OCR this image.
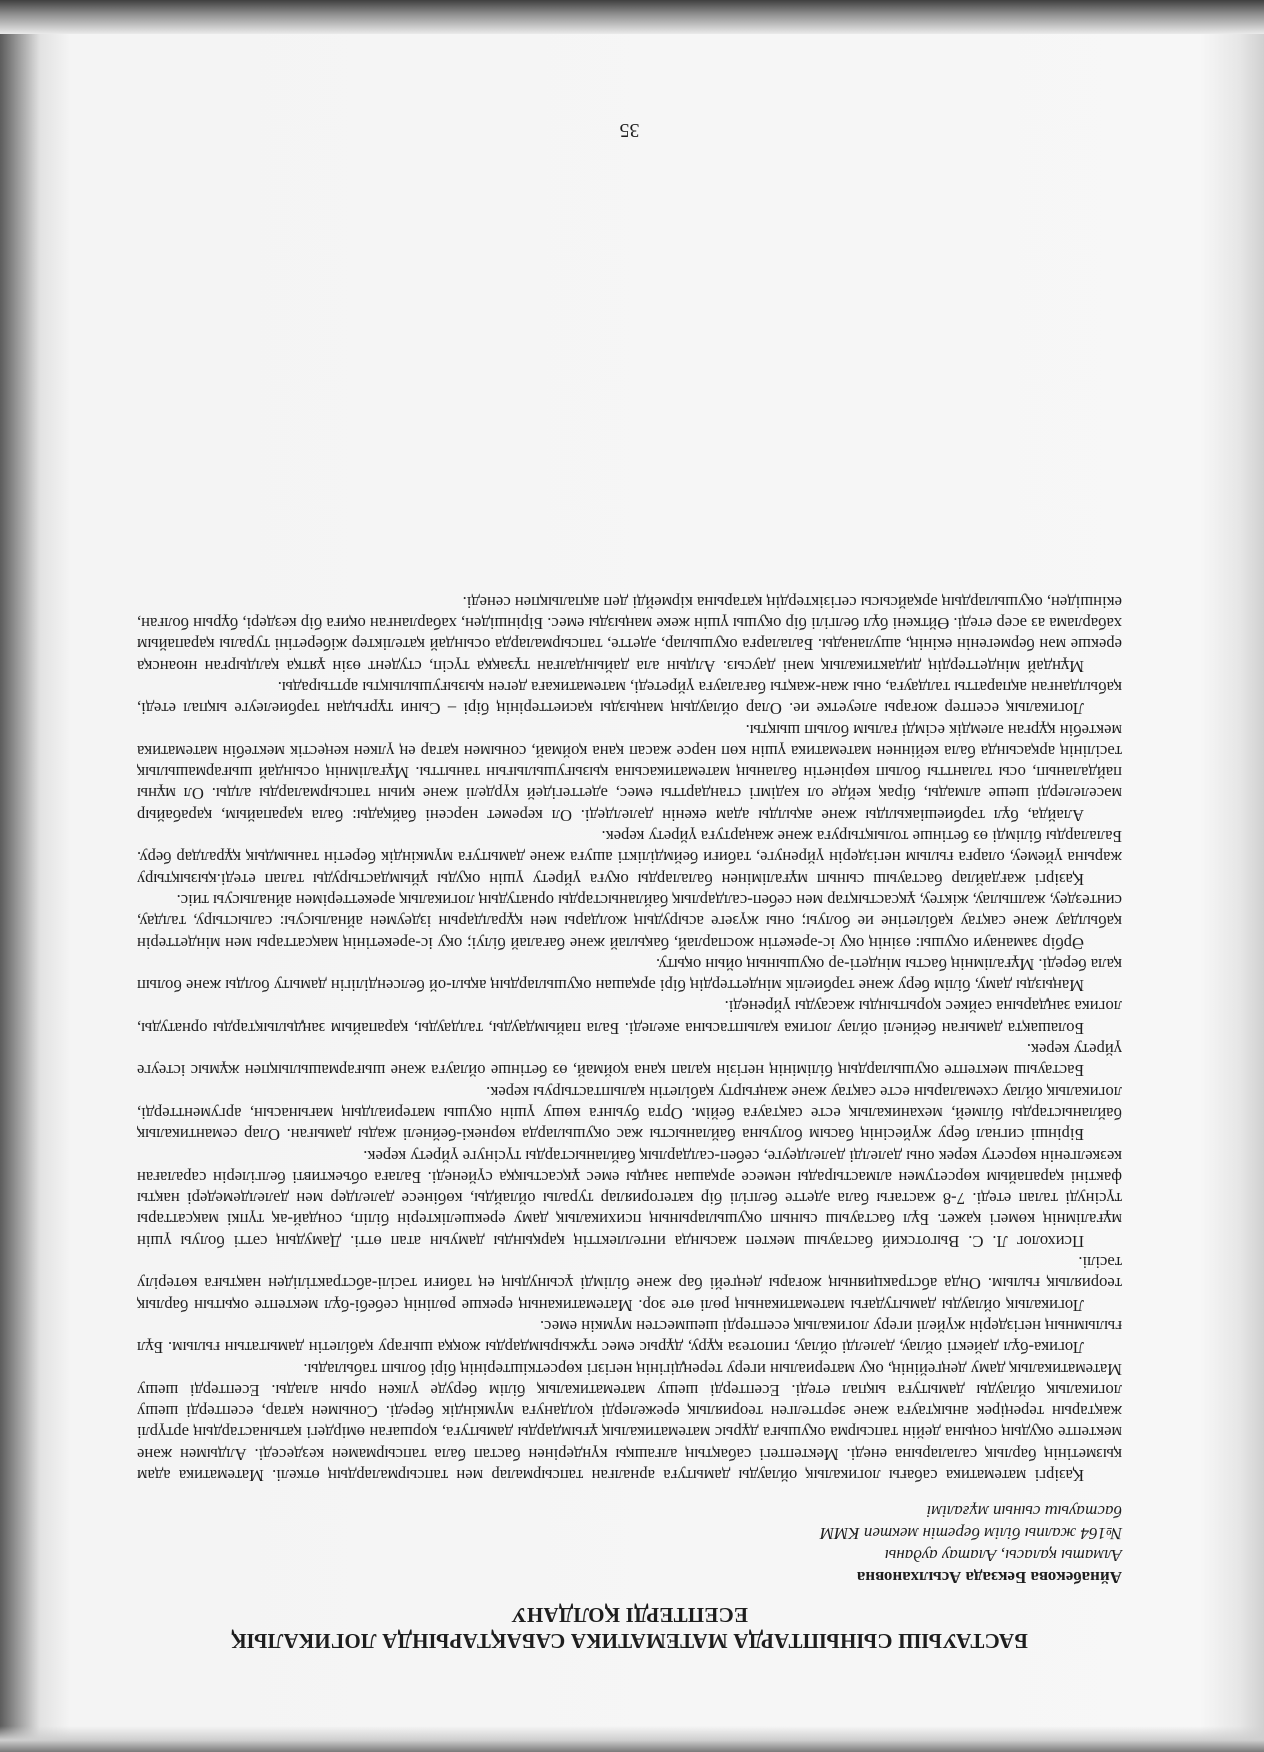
БАСТАУЫШ СЫНЫПТАРДА МАТЕМАТИКА САБАҚТАРЫНДА ЛОГИКАЛЫҚ
ЕСЕПТЕРДІ ҚОЛДАНУ
Айнабекова Бекзада Асылхановна
Алматы қаласы, Алатау ауданы
№164 жалпы білім беретін мектеп КММ
бастауыш сынып мұғалімі

Қазіргі математика сабағы логикалық ойлауды дамытуға арналған тапсырмалар мен тапсырмалардың өткелі. Математика адам қызметінің барлық салаларына енеді. Мектептегі сабақтың алғашқы күндерінен бастап бала тапсырмамен кездеседі. Алдымен және мектепте оқудың соңына дейін тапсырма оқушыға дұрыс математикалық ұғымдарды дамытуға, қоршаған өмірдегі қатынастардың әртүрлі жақтарын тереңірек анықтауға және зерттелген теориялық ережелерді қолдануға мүмкіндік береді. Сонымен қатар, есептерді шешу логикалық ойлауды дамытуға ықпал етеді. Есептерді шешу математикалық білім беруде үлкен орын алады. Есептерді шешу Математикалық даму деңгейінің, оқу материалын игеру тереңдігінің негізгі көрсеткіштерінің бірі болып табылады.

Логика-бұл дәйекті ойлау, дәлелді ойлау, гипотеза құру, дұрыс емес тұжырымдарды жоққа шығару қабілетін дамытатын ғылым. Бұл ғылымның негіздерін жүйелі игеру логикалық есептерді шешместен мүмкін емес.

Логикалық ойлауды дамытудағы математиканың рөлі өте зор. Математиканың ерекше рөлінің себебі-бұл мектепте оқытын барлық теориялық ғылым. Онда абстракцияның жоғары деңгейі бар және білімді ұсынудың ең табиғи тәсілі-абстрактіліден нақтыға көтерілу тәсілі.

Психолог Л. С. Выготский бастауыш мектеп жасында интеллекттің қарқынды дамуын атап өтті. Дамудың сәтті болуы үшін мұғалімнің көмегі қажет. Бұл бастауыш сынып оқушыларының психикалық даму ерекшеліктерін біліп, сондай-ақ түпкі мақсаттары түсінуді талап етеді. 7-8 жастағы бала әдетте белгілі бір категориялар туралы ойлайды, көбінесе дәлелдер мен дәлелдемедері нақты фактіні қарапайым көрсетумен алмастырады немесе әрқашан заңды емес ұқсастыққа сүйенеді. Балаға объективті белгілерін саралаған кезкелгенін көрсету керек оны дәлелді дәлелдеуге, себеп-салдарлық байланыстарды түсінуге үйрету керек.

Бірінші сигнал беру жүйесінің басым болуына байланысты жас оқушыларда көрнекі-бейнелі жады дамыған. Олар семантикалық байланыстарды білмей, механикалық есте сақтауға бейім. Орта буынға көшу үшін оқушы материалдың мағынасын, аргументтерді, логикалық ойлау схемаларын есте сақтау және жаңғырту қабілетін қалыптастыруы керек.

Бастауыш мектепте оқушылардың білімінің негізін қалап қана қоймай, өз бетінше ойлауға және шығармашылықпен жұмыс істеуге үйрету керек.

Болашақта дамыған бейнелі ойлау логика қалыптасына әкеледі. Бала пайымдауды, талдауды, қарапайым заңдылықтарды орнатуды, логика заңдарына сәйкес қорытынды жасауды үйренеді.

Маңызды даму, білім беру және тәрбиелік міндеттердің бірі әрқашан оқушылардың ақыл-ой белсенділігін дамыту болды және болып қала береді. Мұғалімнің басты міндеті-әр оқушының ойын оқыту.

Әрбір заманауи оқушы: өзінің оқу іс-әрекетін жоспарлай, бақылай және бағалай білуі; оқу іс-әрекетінің мақсаттары мен міндеттерін қабылдау және сақтау қабілетіне ие болуы; оны жүзеге асырудың жолдары мен құралдарын іздеумен айналысуы: салыстыру, талдау, синтездеу, жалпылау, жіктеу, ұқсастықтар мен себеп-салдарлық байланыстарды орнатудың логикалық әрекеттерімен айналысуы тиіс.

Қазіргі жағдайлар бастауыш сынып мұғалімінен балаларды оқуға үйрету үшін оқуды ұйымдастыруды талап етеді.қызықтыру жарына үйемеу, оларға ғылым негіздерін үйренуге, табиғи беймділікті ашуға және дамытуға мүмкіндік беретін танымдық құралдар беру. Балаларды білімді өз бетінше толықтыруға және жаңартуға үйрету керек.

Алайда, бұл тәрбиешіакылды және ақылды адам екенін дәлелдеді. Ол керемет нәрсені байқады: бала қарапайым, қарабайыр мәселелерді шеше алмады, бірақ кейде ол кәдімгі стандартты емес, әдеттегідей күрделі және қиын тапсырмаларды алды. Ол мұны пайдаланып, осы талантты болып көрінетін баланың математикасына қызығушылығын танытты. Мұғалімнің осындай шығармашылық тәсілінің арқасында бала кейіннен математика үшін көп нәрсе жасап қана қоймай, сонымен қатар ең үлкен кеңестік мектебін математика мектебін құрған әлемдік есімді ғалым болып шықты.

Логикалық есептер жоғары әлеуетке ие. Олар ойлаудың маңызды қасиеттерінің бірі – Сыни тұрғыдан тәрбиелеуге ықпал етеді, қабылданған ақпаратты талдауға, оны жан-жақты бағалауға үйретеді, математикаға деген қызығушылықты арттырады.

Мұндай міндеттердің дидактикалық мәні даусыз. Алдын ала дайындалған тұзаққа түсіп, студент өзін ұятқа қалдырған нюансқа ерекше мән бермегенін екінің, ашуланады. Балаларға оқушылар, әдетте, тапсырмаларда осындай қателіктер жіберетіні туралы қарапайым хабарлама аз әсер етеді. Өйткені бұл белгілі бір оқушы үшін жеке маңызды емес. Біріншіден, хабарланған оқиға бір кездері, бұрын болған, екіншіден, оқушылардың әрқайсысы сегізіктердің қатарына кірмейді деп ақпалықпен сенеді.

35
